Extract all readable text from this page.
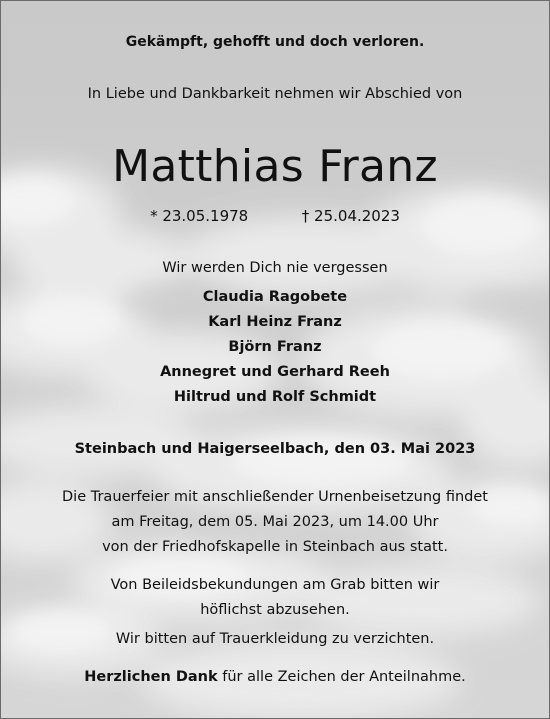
Gekämpft, gehofft und doch verloren.
In Liebe und Dankbarkeit nehmen wir Abschied von
Matthias Franz
* 23.05.1978	† 25.04.2023
Wir werden Dich nie vergessen
Claudia Ragobete
Karl Heinz Franz
Björn Franz
Annegret und Gerhard Reeh
Hiltrud und Rolf Schmidt
Steinbach und Haigerseelbach, den 03. Mai 2023
Die Trauerfeier mit anschließender Urnenbeisetzung findet
am Freitag, dem 05. Mai 2023, um 14.00 Uhr
von der Friedhofskapelle in Steinbach aus statt.
Von Beileidsbekundungen am Grab bitten wir
höflichst abzusehen.
Wir bitten auf Trauerkleidung zu verzichten.
Herzlichen Dank für alle Zeichen der Anteilnahme.
